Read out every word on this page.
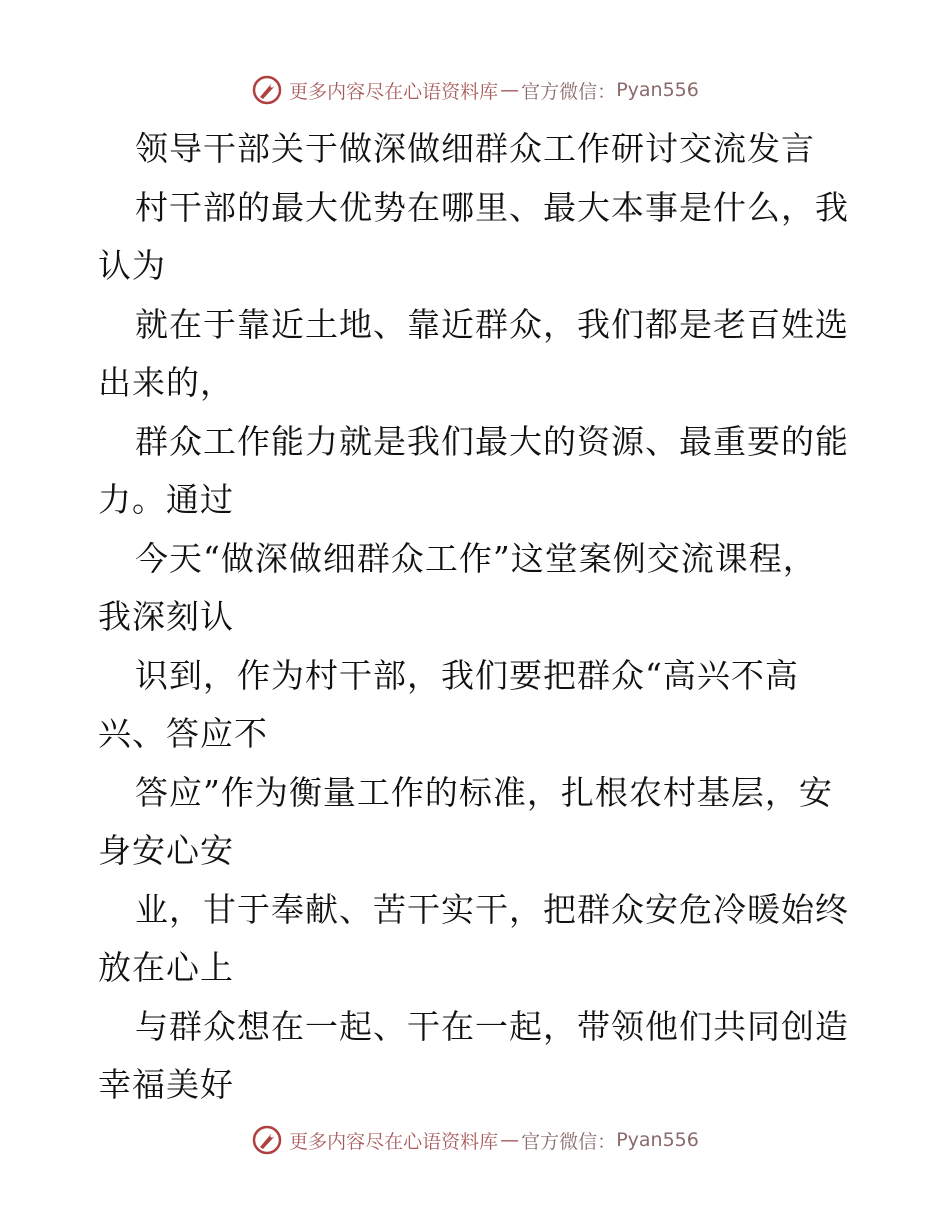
更多内容尽在心语资料库 — 官方微信： Pyan556

领导干部关于做深做细群众工作研讨交流发言

村干部的最大优势在哪里、最大本事是什么，我

认为

就在于靠近土地、靠近群众，我们都是老百姓选

出来的，

群众工作能力就是我们最大的资源、最重要的能

力。通过

今天“做深做细群众工作”这堂案例交流课程，

我深刻认

识到，作为村干部，我们要把群众“高兴不高

兴、答应不

答应”作为衡量工作的标准，扎根农村基层，安

身安心安

业，甘于奉献、苦干实干，把群众安危冷暖始终

放在心上

与群众想在一起、干在一起，带领他们共同创造

幸福美好

更多内容尽在心语资料库 — 官方微信： Pyan556
